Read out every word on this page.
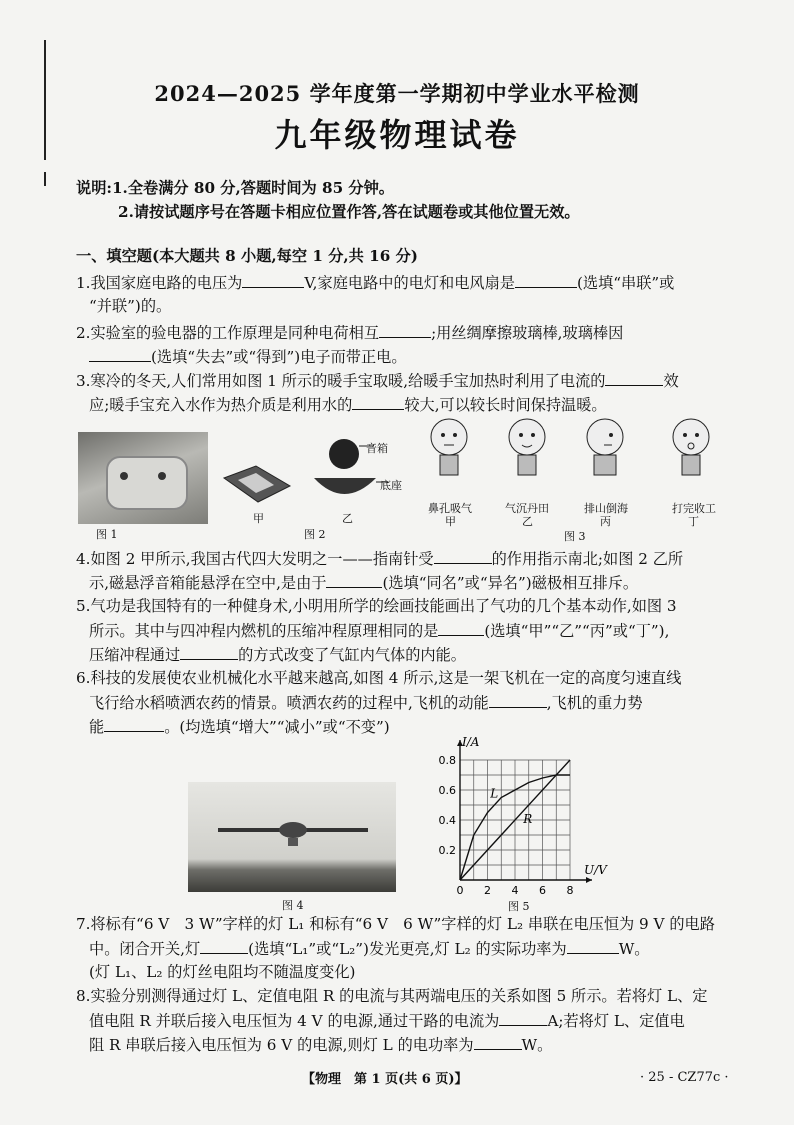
2024—2025 学年度第一学期初中学业水平检测
九年级物理试卷
说明:1.全卷满分 80 分,答题时间为 85 分钟。
2.请按试题序号在答题卡相应位置作答,答在试题卷或其他位置无效。
一、填空题(本大题共 8 小题,每空 1 分,共 16 分)
1.我国家庭电路的电压为	V,家庭电路中的电灯和电风扇是	(选填“串联”或
“并联”)的。
2.实验室的验电器的工作原理是同种电荷相互	;用丝绸摩擦玻璃棒,玻璃棒因
(选填“失去”或“得到”)电子而带正电。
3.寒冷的冬天,人们常用如图 1 所示的暖手宝取暖,给暖手宝加热时利用了电流的	效
应;暖手宝充入水作为热介质是利用水的	较大,可以较长时间保持温暖。
图 1
音箱
底座
甲	乙
图 2
鼻孔吸气
甲
气沉丹田
乙
排山倒海
丙
打完收工
丁
图 3
4.如图 2 甲所示,我国古代四大发明之一——指南针受	的作用指示南北;如图 2 乙所
示,磁悬浮音箱能悬浮在空中,是由于	(选填“同名”或“异名”)磁极相互排斥。
5.气功是我国特有的一种健身术,小明用所学的绘画技能画出了气功的几个基本动作,如图 3
所示。其中与四冲程内燃机的压缩冲程原理相同的是	(选填“甲”“乙”“丙”或“丁”),
压缩冲程通过	的方式改变了气缸内气体的内能。
6.科技的发展使农业机械化水平越来越高,如图 4 所示,这是一架飞机在一定的高度匀速直线
飞行给水稻喷洒农药的情景。喷洒农药的过程中,飞机的动能	,飞机的重力势
能	。(均选填“增大”“减小”或“不变”)
图 4
0 2 4 6 8
0.2
0.4
0.6
0.8
U/V
I/A
L
R
图 5
7.将标有“6 V　3 W”字样的灯 L₁ 和标有“6 V　6 W”字样的灯 L₂ 串联在电压恒为 9 V 的电路
中。闭合开关,灯	(选填“L₁”或“L₂”)发光更亮,灯 L₂ 的实际功率为	W。
(灯 L₁、L₂ 的灯丝电阻均不随温度变化)
8.实验分别测得通过灯 L、定值电阻 R 的电流与其两端电压的关系如图 5 所示。若将灯 L、定
值电阻 R 并联后接入电压恒为 4 V 的电源,通过干路的电流为	A;若将灯 L、定值电
阻 R 串联后接入电压恒为 6 V 的电源,则灯 L 的电功率为	W。
【物理　第 1 页(共 6 页)】	· 25 - CZ77c ·
